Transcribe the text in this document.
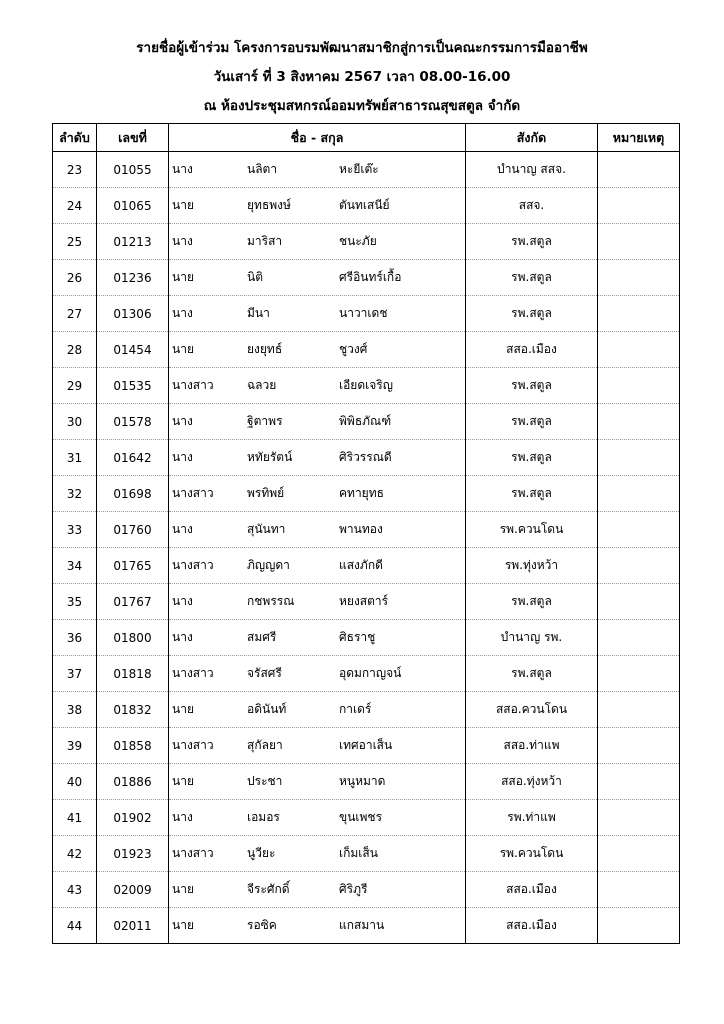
รายชื่อผู้เข้าร่วม โครงการอบรมพัฒนาสมาชิกสู่การเป็นคณะกรรมการมืออาชีพ
วันเสาร์ ที่ 3 สิงหาคม 2567 เวลา 08.00-16.00
ณ ห้องประชุมสหกรณ์ออมทรัพย์สาธารณสุขสตูล จำกัด
ลำดับ	เลขที่	ชื่อ - สกุล	สังกัด	หมายเหตุ
23	01055	นาง นลิตา หะยีเต๊ะ	บำนาญ สสจ.	
24	01065	นาย ยุทธพงษ์ ตันทเสนีย์	สสจ.	
25	01213	นาง มาริสา ชนะภัย	รพ.สตูล	
26	01236	นาย นิติ ศรีอินทร์เกื้อ	รพ.สตูล	
27	01306	นาง มีนา นาวาเดช	รพ.สตูล	
28	01454	นาย ยงยุทธ์ ชูวงศ์	สสอ.เมือง	
29	01535	นางสาว ฉลวย เอียดเจริญ	รพ.สตูล	
30	01578	นาง ฐิตาพร พิพิธภัณฑ์	รพ.สตูล	
31	01642	นาง หทัยรัตน์ ศิริวรรณดี	รพ.สตูล	
32	01698	นางสาว พรทิพย์ คทายุทธ	รพ.สตูล	
33	01760	นาง สุนันทา พานทอง	รพ.ควนโดน	
34	01765	นางสาว ภิญญดา แสงภักดี	รพ.ทุ่งหว้า	
35	01767	นาง กชพรรณ หยงสตาร์	รพ.สตูล	
36	01800	นาง สมศรี ศิธราชู	บำนาญ รพ.	
37	01818	นางสาว จรัสศรี อุดมกาญจน์	รพ.สตูล	
38	01832	นาย อดินันท์ กาเดร์	สสอ.ควนโดน	
39	01858	นางสาว สุกัลยา เทศอาเส็น	สสอ.ท่าแพ	
40	01886	นาย ประชา หนูหมาด	สสอ.ทุ่งหว้า	
41	01902	นาง เอมอร ขุนเพชร	รพ.ท่าแพ	
42	01923	นางสาว นูวียะ เก็มเส็น	รพ.ควนโดน	
43	02009	นาย จีระศักดิ์ ศิริภูรี	สสอ.เมือง	
44	02011	นาย รอซิค แกสมาน	สสอ.เมือง	
